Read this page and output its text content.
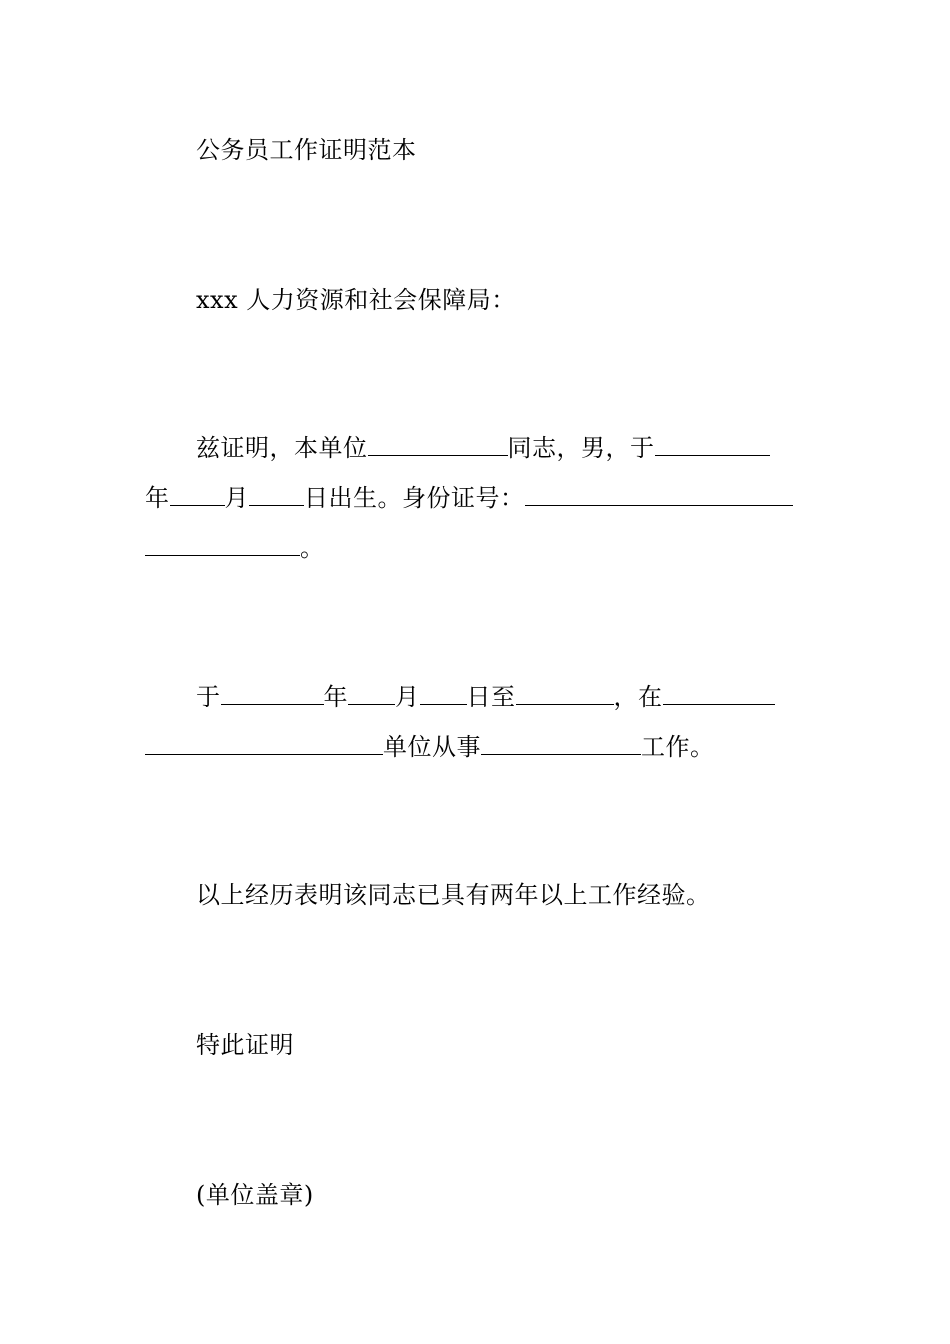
公务员工作证明范本
xxx 人力资源和社会保障局：
兹证明，本单位	同志，男，于
年 月 日出生。身份证号：
。
于	年 月 日至	，在
单位从事	工作。
以上经历表明该同志已具有两年以上工作经验。
特此证明
(单位盖章)
